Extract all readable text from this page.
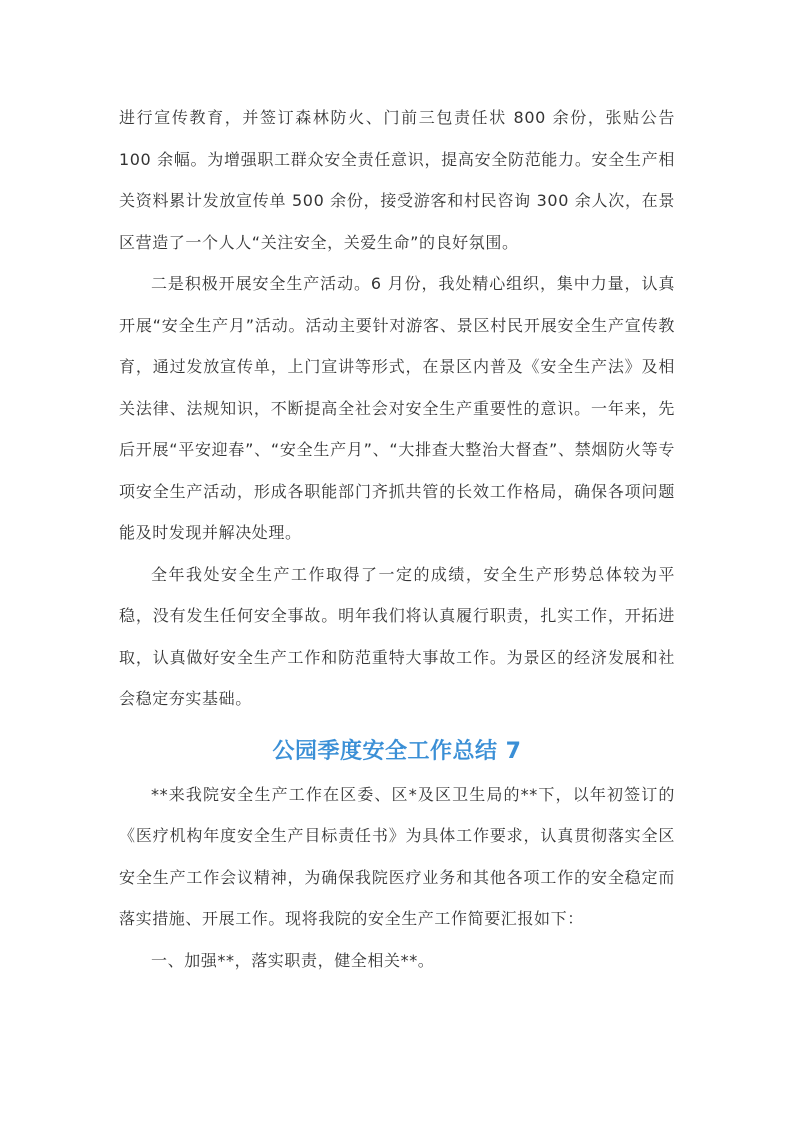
进行宣传教育，并签订森林防火、门前三包责任状 800 余份，张贴公告 100 余幅。为增强职工群众安全责任意识，提高安全防范能力。安全生产相关资料累计发放宣传单 500 余份，接受游客和村民咨询 300 余人次，在景区营造了一个人人“关注安全，关爱生命”的良好氛围。

二是积极开展安全生产活动。6 月份，我处精心组织，集中力量，认真开展“安全生产月”活动。活动主要针对游客、景区村民开展安全生产宣传教育，通过发放宣传单，上门宣讲等形式，在景区内普及《安全生产法》及相关法律、法规知识，不断提高全社会对安全生产重要性的意识。一年来，先后开展“平安迎春”、“安全生产月”、“大排查大整治大督查”、禁烟防火等专项安全生产活动，形成各职能部门齐抓共管的长效工作格局，确保各项问题能及时发现并解决处理。

全年我处安全生产工作取得了一定的成绩，安全生产形势总体较为平稳，没有发生任何安全事故。明年我们将认真履行职责，扎实工作，开拓进取，认真做好安全生产工作和防范重特大事故工作。为景区的经济发展和社会稳定夯实基础。

公园季度安全工作总结 7

**来我院安全生产工作在区委、区*及区卫生局的**下，以年初签订的《医疗机构年度安全生产目标责任书》为具体工作要求，认真贯彻落实全区安全生产工作会议精神，为确保我院医疗业务和其他各项工作的安全稳定而落实措施、开展工作。现将我院的安全生产工作简要汇报如下：

一、加强**，落实职责，健全相关**。
